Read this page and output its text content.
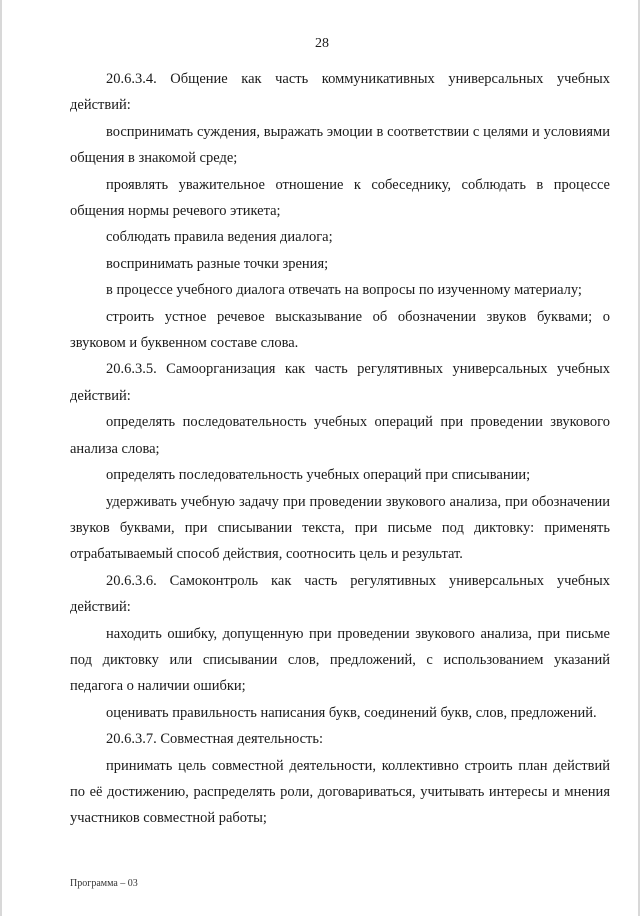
28

20.6.3.4. Общение как часть коммуникативных универсальных учебных действий:

воспринимать суждения, выражать эмоции в соответствии с целями и условиями общения в знакомой среде;

проявлять уважительное отношение к собеседнику, соблюдать в процессе общения нормы речевого этикета;

соблюдать правила ведения диалога;

воспринимать разные точки зрения;

в процессе учебного диалога отвечать на вопросы по изученному материалу;

строить устное речевое высказывание об обозначении звуков буквами; о звуковом и буквенном составе слова.

20.6.3.5. Самоорганизация как часть регулятивных универсальных учебных действий:

определять последовательность учебных операций при проведении звукового анализа слова;

определять последовательность учебных операций при списывании;

удерживать учебную задачу при проведении звукового анализа, при обозначении звуков буквами, при списывании текста, при письме под диктовку: применять отрабатываемый способ действия, соотносить цель и результат.

20.6.3.6. Самоконтроль как часть регулятивных универсальных учебных действий:

находить ошибку, допущенную при проведении звукового анализа, при письме под диктовку или списывании слов, предложений, с использованием указаний педагога о наличии ошибки;

оценивать правильность написания букв, соединений букв, слов, предложений.

20.6.3.7. Совместная деятельность:

принимать цель совместной деятельности, коллективно строить план действий по её достижению, распределять роли, договариваться, учитывать интересы и мнения участников совместной работы;

Программа – 03
